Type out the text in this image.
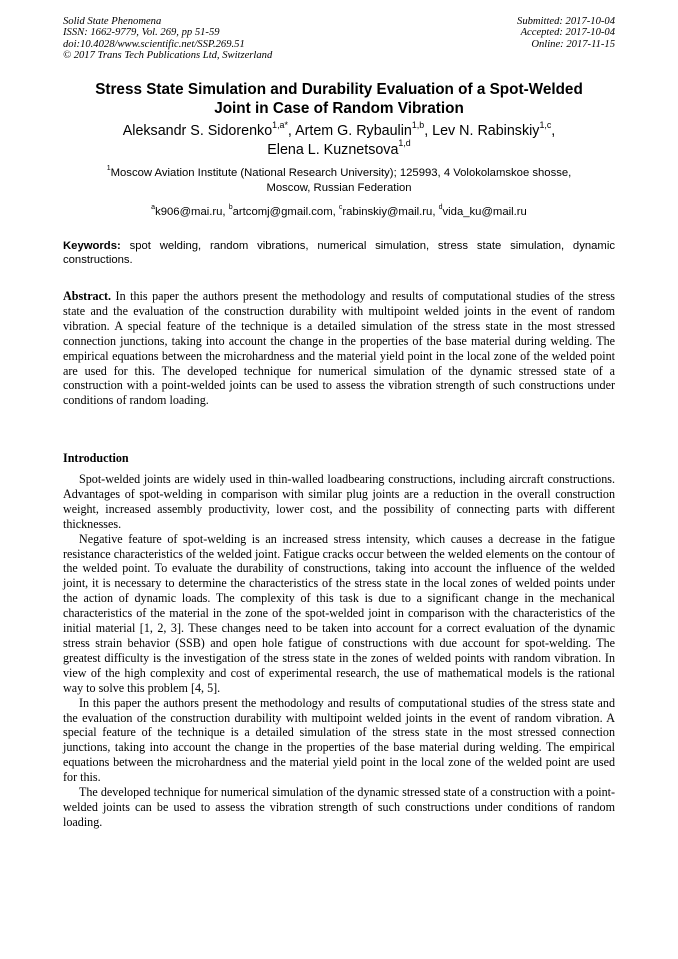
Solid State Phenomena
ISSN: 1662-9779, Vol. 269, pp 51-59
doi:10.4028/www.scientific.net/SSP.269.51
© 2017 Trans Tech Publications Ltd, Switzerland
Submitted: 2017-10-04
Accepted: 2017-10-04
Online: 2017-11-15
Stress State Simulation and Durability Evaluation of a Spot-Welded
Joint in Case of Random Vibration
Aleksandr S. Sidorenko$^{1,a*}$, Artem G. Rybaulin$^{1,b}$, Lev N. Rabinskiy$^{1,c}$,
Elena L. Kuznetsova$^{1,d}$
$^1$Moscow Aviation Institute (National Research University); 125993, 4 Volokolamskoe shosse,
Moscow, Russian Federation
$^a$k906@mai.ru, $^b$artcomj@gmail.com, $^c$rabinskiy@mail.ru, $^d$vida_ku@mail.ru
Keywords: spot welding, random vibrations, numerical simulation, stress state simulation, dynamic constructions.
Abstract. In this paper the authors present the methodology and results of computational studies of the stress state and the evaluation of the construction durability with multipoint welded joints in the event of random vibration. A special feature of the technique is a detailed simulation of the stress state in the most stressed connection junctions, taking into account the change in the properties of the base material during welding. The empirical equations between the microhardness and the material yield point in the local zone of the welded point are used for this. The developed technique for numerical simulation of the dynamic stressed state of a construction with a point-welded joints can be used to assess the vibration strength of such constructions under conditions of random loading.
Introduction

Spot-welded joints are widely used in thin-walled loadbearing constructions, including aircraft constructions. Advantages of spot-welding in comparison with similar plug joints are a reduction in the overall construction weight, increased assembly productivity, lower cost, and the possibility of connecting parts with different thicknesses.

Negative feature of spot-welding is an increased stress intensity, which causes a decrease in the fatigue resistance characteristics of the welded joint. Fatigue cracks occur between the welded elements on the contour of the welded point. To evaluate the durability of constructions, taking into account the influence of the welded joint, it is necessary to determine the characteristics of the stress state in the local zones of welded points under the action of dynamic loads. The complexity of this task is due to a significant change in the mechanical characteristics of the material in the zone of the spot-welded joint in comparison with the characteristics of the initial material [1, 2, 3]. These changes need to be taken into account for a correct evaluation of the dynamic stress strain behavior (SSB) and open hole fatigue of constructions with due account for spot-welding. The greatest difficulty is the investigation of the stress state in the zones of welded points with random vibration. In view of the high complexity and cost of experimental research, the use of mathematical models is the rational way to solve this problem [4, 5].

In this paper the authors present the methodology and results of computational studies of the stress state and the evaluation of the construction durability with multipoint welded joints in the event of random vibration. A special feature of the technique is a detailed simulation of the stress state in the most stressed connection junctions, taking into account the change in the properties of the base material during welding. The empirical equations between the microhardness and the material yield point in the local zone of the welded point are used for this.

The developed technique for numerical simulation of the dynamic stressed state of a construction with a point-welded joints can be used to assess the vibration strength of such constructions under conditions of random loading.
